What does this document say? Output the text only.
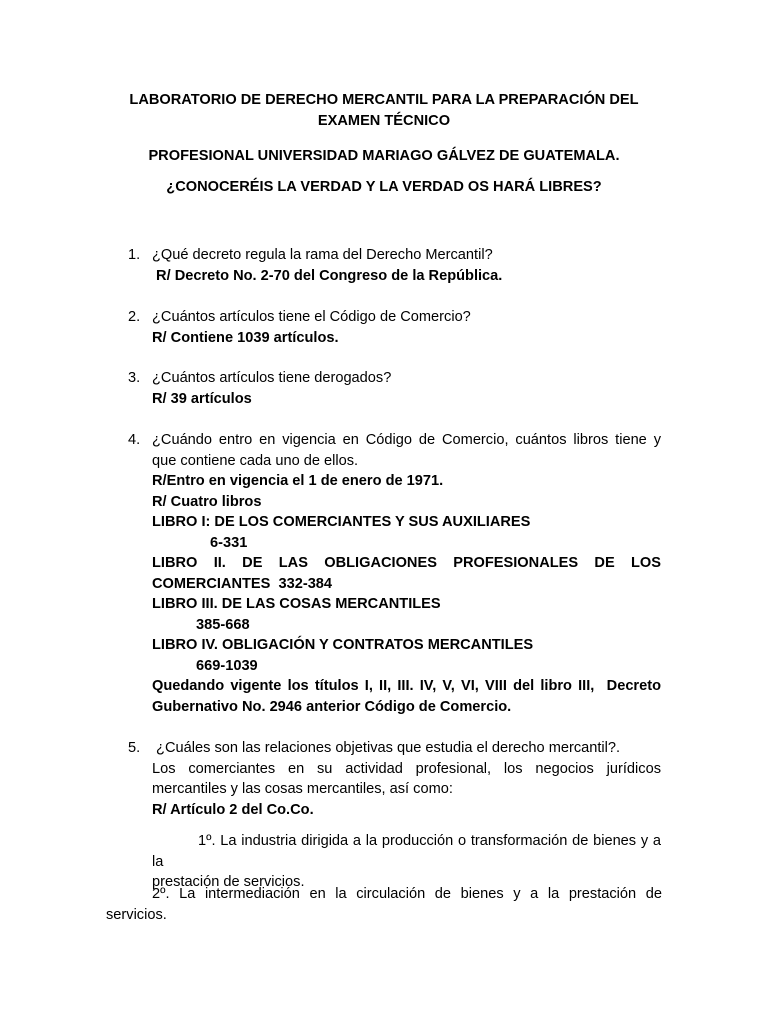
LABORATORIO DE DERECHO MERCANTIL PARA LA PREPARACIÓN DEL
EXAMEN TÉCNICO
PROFESIONAL UNIVERSIDAD MARIAGO GÁLVEZ DE GUATEMALA.
¿CONOCERÉIS LA VERDAD Y LA VERDAD OS HARÁ LIBRES?
1. ¿Qué decreto regula la rama del Derecho Mercantil?
R/ Decreto No. 2-70 del Congreso de la República.
2. ¿Cuántos artículos tiene el Código de Comercio?
R/ Contiene 1039 artículos.
3. ¿Cuántos artículos tiene derogados?
R/ 39 artículos
4. ¿Cuándo entro en vigencia en Código de Comercio, cuántos libros tiene y
que contiene cada uno de ellos.
R/Entro en vigencia el 1 de enero de 1971.
R/ Cuatro libros
LIBRO I: DE LOS COMERCIANTES Y SUS AUXILIARES
6-331
LIBRO II. DE LAS OBLIGACIONES PROFESIONALES DE LOS
COMERCIANTES  332-384
LIBRO III. DE LAS COSAS MERCANTILES
385-668
LIBRO IV. OBLIGACIÓN Y CONTRATOS MERCANTILES
669-1039
Quedando vigente los títulos I, II, III. IV, V, VI, VIII del libro III,  Decreto
Gubernativo No. 2946 anterior Código de Comercio.
5. ¿Cuáles son las relaciones objetivas que estudia el derecho mercantil?.
Los comerciantes en su actividad profesional, los negocios jurídicos
mercantiles y las cosas mercantiles, así como:
R/ Artículo 2 del Co.Co.
1º. La industria dirigida a la producción o transformación de bienes y a la
prestación de servicios.
2º. La intermediación en la circulación de bienes y a la prestación de
servicios.
